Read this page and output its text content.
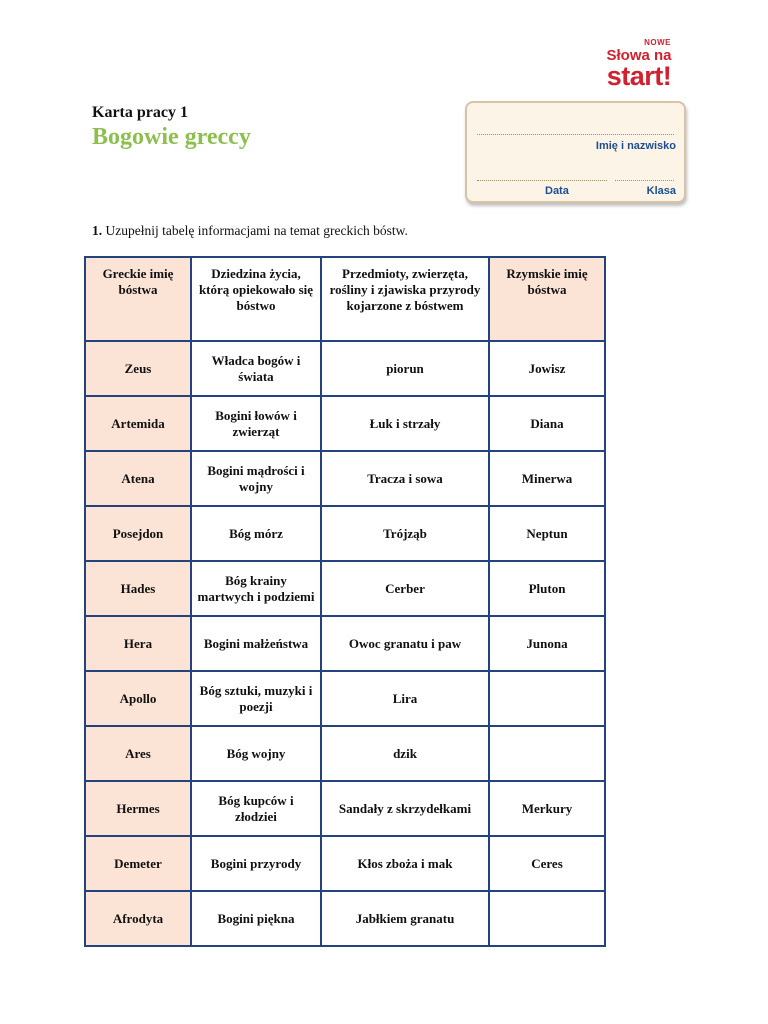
NOWE
Słowa na
start!
Karta pracy 1
Bogowie greccy	Imię i nazwisko
Data	Klasa
1. Uzupełnij tabelę informacjami na temat greckich bóstw.
Greckie imię bóstwa	Dziedzina życia, którą opiekowało się bóstwo	Przedmioty, zwierzęta, rośliny i zjawiska przyrody kojarzone z bóstwem	Rzymskie imię bóstwa
Zeus	Władca bogów i świata	piorun	Jowisz
Artemida	Bogini łowów i zwierząt	Łuk i strzały	Diana
Atena	Bogini mądrości i wojny	Tracza i sowa	Minerwa
Posejdon	Bóg mórz	Trójząb	Neptun
Hades	Bóg krainy martwych i podziemi	Cerber	Pluton
Hera	Bogini małżeństwa	Owoc granatu i paw	Junona
Apollo	Bóg sztuki, muzyki i poezji	Lira	
Ares	Bóg wojny	dzik	
Hermes	Bóg kupców i złodziei	Sandały z skrzydełkami	Merkury
Demeter	Bogini przyrody	Kłos zboża i mak	Ceres
Afrodyta	Bogini piękna	Jabłkiem granatu	
